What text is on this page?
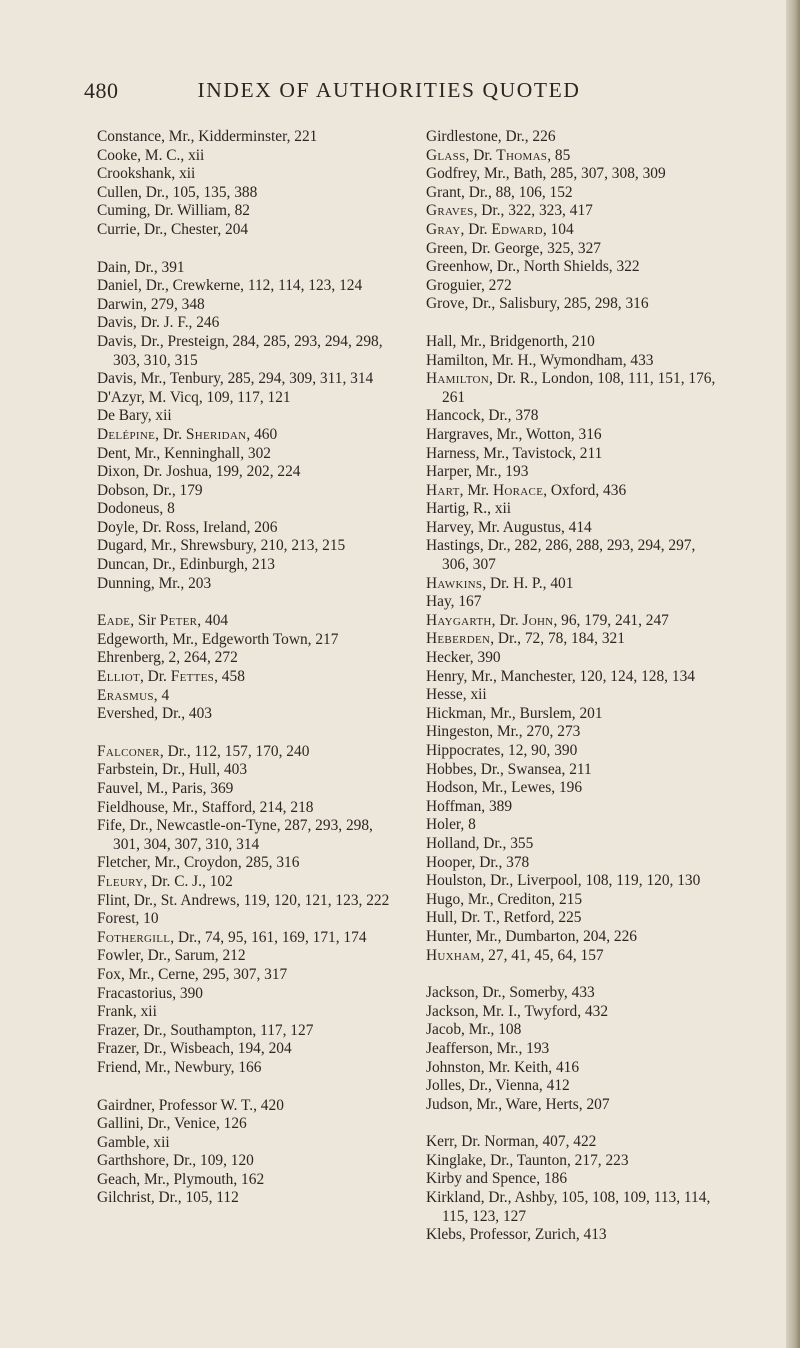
480	INDEX OF AUTHORITIES QUOTED
Constance, Mr., Kidderminster, 221
Cooke, M. C., xii
Crookshank, xii
Cullen, Dr., 105, 135, 388
Cuming, Dr. William, 82
Currie, Dr., Chester, 204
Dain, Dr., 391
Daniel, Dr., Crewkerne, 112, 114, 123, 124
Darwin, 279, 348
Davis, Dr. J. F., 246
Davis, Dr., Presteign, 284, 285, 293, 294, 298, 303, 310, 315
Davis, Mr., Tenbury, 285, 294, 309, 311, 314
D'Azyr, M. Vicq, 109, 117, 121
De Bary, xii
Delépine, Dr. Sheridan, 460
Dent, Mr., Kenninghall, 302
Dixon, Dr. Joshua, 199, 202, 224
Dobson, Dr., 179
Dodoneus, 8
Doyle, Dr. Ross, Ireland, 206
Dugard, Mr., Shrewsbury, 210, 213, 215
Duncan, Dr., Edinburgh, 213
Dunning, Mr., 203
Eade, Sir Peter, 404
Edgeworth, Mr., Edgeworth Town, 217
Ehrenberg, 2, 264, 272
Elliot, Dr. Fettes, 458
Erasmus, 4
Evershed, Dr., 403
Falconer, Dr., 112, 157, 170, 240
Farbstein, Dr., Hull, 403
Fauvel, M., Paris, 369
Fieldhouse, Mr., Stafford, 214, 218
Fife, Dr., Newcastle-on-Tyne, 287, 293, 298, 301, 304, 307, 310, 314
Fletcher, Mr., Croydon, 285, 316
Fleury, Dr. C. J., 102
Flint, Dr., St. Andrews, 119, 120, 121, 123, 222
Forest, 10
Fothergill, Dr., 74, 95, 161, 169, 171, 174
Fowler, Dr., Sarum, 212
Fox, Mr., Cerne, 295, 307, 317
Fracastorius, 390
Frank, xii
Frazer, Dr., Southampton, 117, 127
Frazer, Dr., Wisbeach, 194, 204
Friend, Mr., Newbury, 166
Gairdner, Professor W. T., 420
Gallini, Dr., Venice, 126
Gamble, xii
Garthshore, Dr., 109, 120
Geach, Mr., Plymouth, 162
Gilchrist, Dr., 105, 112
Girdlestone, Dr., 226
Glass, Dr. Thomas, 85
Godfrey, Mr., Bath, 285, 307, 308, 309
Grant, Dr., 88, 106, 152
Graves, Dr., 322, 323, 417
Gray, Dr. Edward, 104
Green, Dr. George, 325, 327
Greenhow, Dr., North Shields, 322
Groguier, 272
Grove, Dr., Salisbury, 285, 298, 316
Hall, Mr., Bridgenorth, 210
Hamilton, Mr. H., Wymondham, 433
Hamilton, Dr. R., London, 108, 111, 151, 176, 261
Hancock, Dr., 378
Hargraves, Mr., Wotton, 316
Harness, Mr., Tavistock, 211
Harper, Mr., 193
Hart, Mr. Horace, Oxford, 436
Hartig, R., xii
Harvey, Mr. Augustus, 414
Hastings, Dr., 282, 286, 288, 293, 294, 297, 306, 307
Hawkins, Dr. H. P., 401
Hay, 167
Haygarth, Dr. John, 96, 179, 241, 247
Heberden, Dr., 72, 78, 184, 321
Hecker, 390
Henry, Mr., Manchester, 120, 124, 128, 134
Hesse, xii
Hickman, Mr., Burslem, 201
Hingeston, Mr., 270, 273
Hippocrates, 12, 90, 390
Hobbes, Dr., Swansea, 211
Hodson, Mr., Lewes, 196
Hoffman, 389
Holer, 8
Holland, Dr., 355
Hooper, Dr., 378
Houlston, Dr., Liverpool, 108, 119, 120, 130
Hugo, Mr., Crediton, 215
Hull, Dr. T., Retford, 225
Hunter, Mr., Dumbarton, 204, 226
Huxham, 27, 41, 45, 64, 157
Jackson, Dr., Somerby, 433
Jackson, Mr. I., Twyford, 432
Jacob, Mr., 108
Jeafferson, Mr., 193
Johnston, Mr. Keith, 416
Jolles, Dr., Vienna, 412
Judson, Mr., Ware, Herts, 207
Kerr, Dr. Norman, 407, 422
Kinglake, Dr., Taunton, 217, 223
Kirby and Spence, 186
Kirkland, Dr., Ashby, 105, 108, 109, 113, 114, 115, 123, 127
Klebs, Professor, Zurich, 413
